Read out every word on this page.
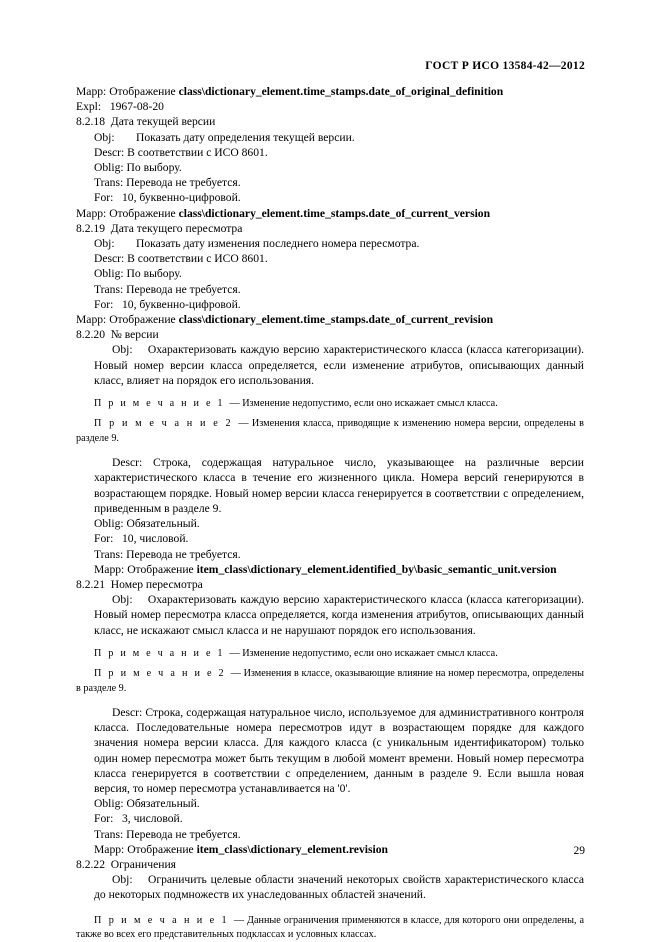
ГОСТ Р ИСО 13584-42—2012

Mapp: Отображение class\dictionary_element.time_stamps.date_of_original_definition

Expl: 1967-08-20

8.2.18  Дата текущей версии

Obj: Показать дату определения текущей версии.

Descr: В соответствии с ИСО 8601.

Oblig: По выбору.

Trans: Перевода не требуется.

For: 10, буквенно-цифровой.

Mapp: Отображение class\dictionary_element.time_stamps.date_of_current_version

8.2.19  Дата текущего пересмотра

Obj: Показать дату изменения последнего номера пересмотра.

Descr: В соответствии с ИСО 8601.

Oblig: По выбору.

Trans: Перевода не требуется.

For: 10, буквенно-цифровой.

Mapp: Отображение class\dictionary_element.time_stamps.date_of_current_revision

8.2.20  № версии

Obj: Охарактеризовать каждую версию характеристического класса (класса категоризации). Новый номер версии класса определяется, если изменение атрибутов, описывающих данный класс, влияет на порядок его использования.

П р и м е ч а н и е 1 — Изменение недопустимо, если оно искажает смысл класса.

П р и м е ч а н и е 2 — Изменения класса, приводящие к изменению номера версии, определены в разделе 9.

Descr: Строка, содержащая натуральное число, указывающее на различные версии характеристического класса в течение его жизненного цикла. Номера версий генерируются в возрастающем порядке. Новый номер версии класса генерируется в соответствии с определением, приведенным в разделе 9.

Oblig: Обязательный.

For: 10, числовой.

Trans: Перевода не требуется.

Mapp: Отображение item_class\dictionary_element.identified_by\basic_semantic_unit.version

8.2.21  Номер пересмотра

Obj: Охарактеризовать каждую версию характеристического класса (класса категоризации). Новый номер пересмотра класса определяется, когда изменения атрибутов, описывающих данный класс, не искажают смысл класса и не нарушают порядок его использования.

П р и м е ч а н и е 1 — Изменение недопустимо, если оно искажает смысл класса.

П р и м е ч а н и е 2 — Изменения в классе, оказывающие влияние на номер пересмотра, определены в разделе 9.

Descr: Строка, содержащая натуральное число, используемое для административного контроля класса. Последовательные номера пересмотров идут в возрастающем порядке для каждого значения номера версии класса. Для каждого класса (с уникальным идентификатором) только один номер пересмотра может быть текущим в любой момент времени. Новый номер пересмотра класса генерируется в соответствии с определением, данным в разделе 9. Если вышла новая версия, то номер пересмотра устанавливается на '0'.

Oblig: Обязательный.

For: 3, числовой.

Trans: Перевода не требуется.

Mapp: Отображение item_class\dictionary_element.revision

8.2.22  Ограничения

Obj: Ограничить целевые области значений некоторых свойств характеристического класса до некоторых подмножеств их унаследованных областей значений.

П р и м е ч а н и е 1 — Данные ограничения применяются в классе, для которого они определены, а также во всех его представительных подклассах и условных классах.

29
